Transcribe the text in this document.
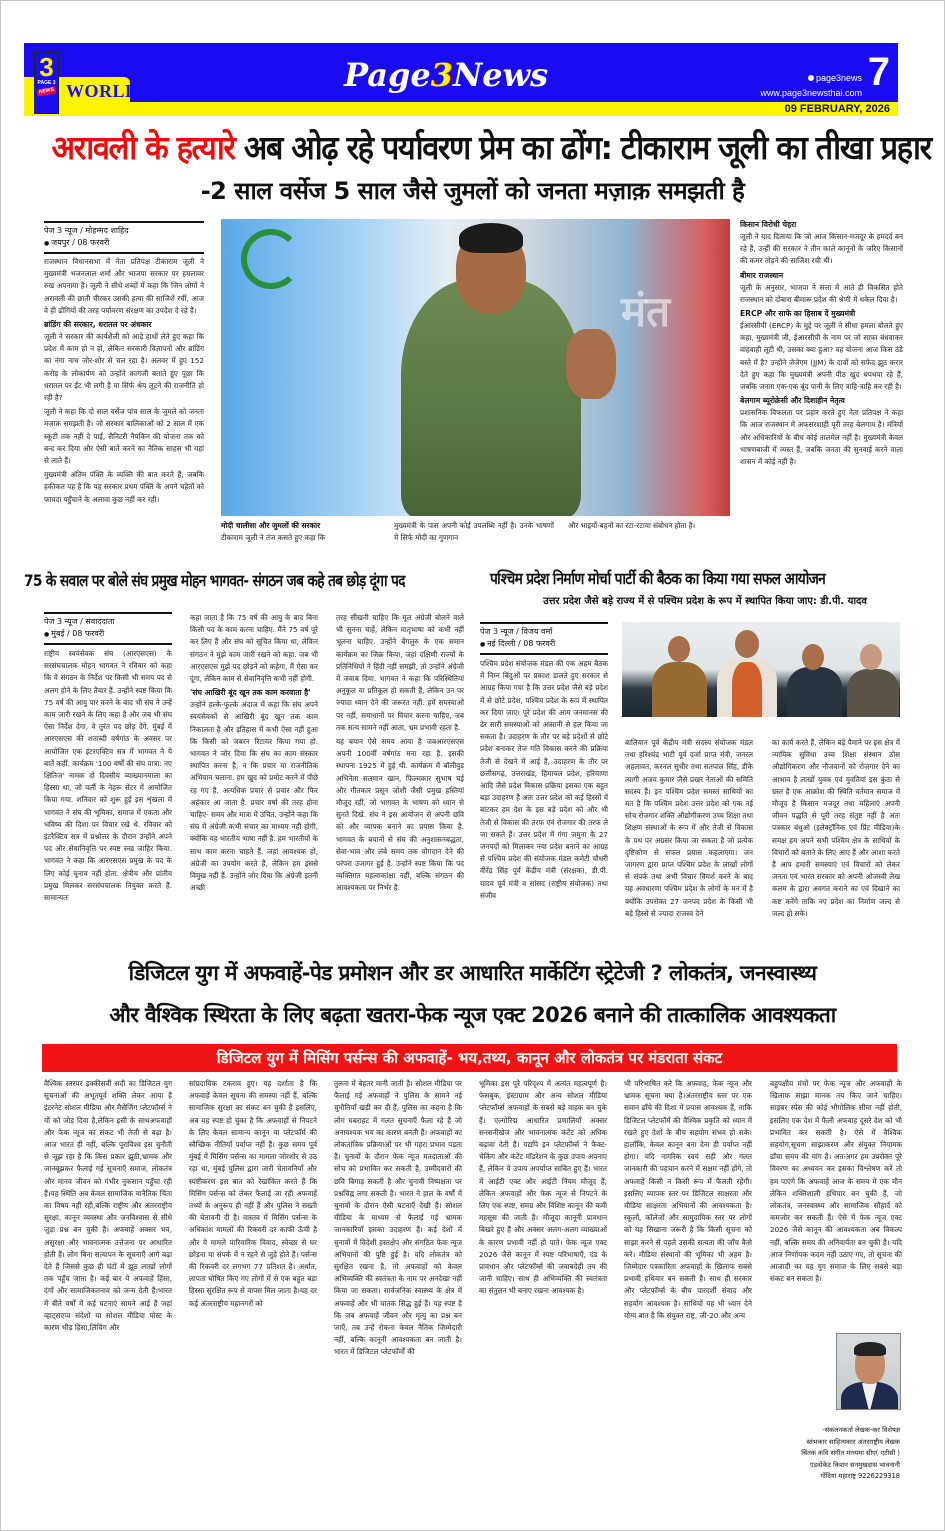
3
PAGE 3
NEWS WORLD	Page3News	page3news
www.page3newsthai.com 7
09 FEBRUARY, 2026
अरावली के हत्यारे अब ओढ़ रहे पर्यावरण प्रेम का ढोंग: टीकाराम जूली का तीखा प्रहार
-2 साल वर्सेज 5 साल जैसे जुमलों को जनता मज़ाक़ समझती है
पेज 3 न्यूज / मोहम्मद शाहिद
● जयपुर / 08 फरवरी

राजस्थान विधानसभा में नेता प्रतिपक्ष टीकाराम जूली ने मुख्यमंत्री भजनलाल शर्मा और भाजपा सरकार पर हमलावर रुख अपनाया है। जूली ने सीधे शब्दों में कहा कि जिन लोगों ने अरावली की छाती चीरकर उसकी हत्या की साजिशें रचीं, आज वे ही ढोंगियों की तरह पर्यावरण संरक्षण का उपदेश दे रहे हैं।

ब्रांडिंग की सरकार, धरातल पर अंधकार

जूली ने सरकार की कार्यशैली को आड़े हाथों लेते हुए कहा कि प्रदेश में काम हो न हो, लेकिन सरकारी विज्ञापनों और ब्रांडिंग का नंगा नाच जोर-शोर से चल रहा है। अलवर में हुए 152 करोड़ के लोकार्पण को उन्होंने कागजी बताते हुए पूछा कि धरातल पर ईंट भी लगी है या सिर्फ श्रेय लूटने की राजनीति हो रही है?

जूली ने कहा कि दो साल वर्सेज पांच साल के जुमले को जनता मज़ाक़ समझती है। जो सरकार बालिकाओं को 2 साल में एक स्कूटी तक नहीं दे पाई, सैनिटरी नैपकिन की योजना तक को बन्द कर दिया और ऐसी बातें करने का नैतिक साहस भी यहां से लाते हैं।

मुख्यमंत्री अंतिम पंक्ति के व्यक्ति की बात करते हैं, जबकि हकीकत यह है कि यह सरकार प्रथम पंक्ति के अपने चहेतों को फायदा पहुँचाने के अलावा कुछ नहीं कर रही।

मंत
किसान विरोधी चेहरा

जूली ने याद दिलाया कि जो आज किसान-मजदूर के हमदर्द बन रहे हैं, उन्हीं की सरकार ने तीन काले कानूनों के जरिए किसानों की कमर तोड़ने की साजिश रची थी।

बीमार राजस्थान

जूली के अनुसार, भाजपा ने सत्ता में आते ही विकसित होते राजस्थान को दोबारा बीमारू प्रदेश की श्रेणी में धकेल दिया है।

ERCP और साफे का हिसाब दें मुख्यमंत्री

ईआरसीपी (ERCP) के मुद्दे पर जूली ने सीधा हमला बोलते हुए कहा, मुख्यमंत्री जी, ईआरसीपी के नाम पर जो साफा बंधवाकर वाहवाही लूटी थी, उसका क्या हुआ? वह योजना आज किस ठंडे बस्ते में है? उन्होंने जेजेएम (JJM) के दावों को सफेद झूठ करार देते हुए कहा कि मुख्यमंत्री अपनी पीठ खुद थपथपा रहे हैं, जबकि जनता एक-एक बूंद पानी के लिए त्राहि-त्राहि कर रही है।

बेलगाम ब्यूरोक्रेसी और दिशाहीन नेतृत्व

प्रशासनिक विफलता पर प्रहार करते हुए नेता प्रतिपक्ष ने कहा कि आज राजस्थान में अफसरशाही पूरी तरह बेलगाम है। मंत्रियों और अधिकारियों के बीच कोई तालमेल नहीं है। मुख्यमंत्री केवल भाषणबाजी में व्यस्त हैं, जबकि जनता की सुनवाई करने वाला शासन में कोई नहीं है।

मोदी चालीसा और जुमलों की सरकार
टीकाराम जूली ने तंज कसते हुए कहा कि
मुख्यमंत्री के पास अपनी कोई उपलब्धि नहीं है। उनके भाषणों में सिर्फ मोदी का गुणगान
और भाइयों-बहनों का रटा-रटाया संबोधन होता है।
75 के सवाल पर बोले संघ प्रमुख मोहन भागवत- संगठन जब कहे तब छोड़ दूंगा पद
पेज 3 न्यूज / संवाददाता
● मुंबई / 08 फरवरी
राष्ट्रीय स्वयंसेवक संघ (आरएसएस) के सरसंघचालक मोहन भागवत ने रविवार को कहा कि वे संगठन के निर्देश पर किसी भी समय पद से अलग होने के लिए तैयार हैं. उन्होंने स्पष्ट किया कि 75 वर्ष की आयु पार करने के बाद भी संघ ने उन्हें काम जारी रखने के लिए कहा है और जब भी संघ ऐसा निर्देश देगा, वे तुरंत पद छोड़ देंगे. मुंबई में आरएसएस की शताब्दी वर्षगांठ के अवसर पर आयोजित एक इंटरएक्टिव सत्र में भागवत ने ये बातें कहीं. कार्यक्रम '100 वर्षों की संघ यात्रा: नए क्षितिज' नामक दो दिवसीय व्याख्यानमाला का हिस्सा था, जो वर्ली के नेहरू सेंटर में आयोजित किया गया. शनिवार को शुरू हुई इस शृंखला में भागवत ने संघ की भूमिका, समाज में एकता और भविष्य की दिशा पर विचार रखे थे. रविवार को इंटरैक्टिव सत्र में प्रश्नोत्तर के दौरान उन्होंने अपने पद और सेवानिवृत्ति पर स्पष्ट रुख जाहिर किया. भागवत ने कहा कि आरएसएस प्रमुख के पद के लिए कोई चुनाव नहीं होता. क्षेत्रीय और प्रांतीय प्रमुख मिलकर सरसंघचालक नियुक्त करते हैं. सामान्यतः

कहा जाता है कि 75 वर्ष की आयु के बाद बिना किसी पद के काम करना चाहिए. मैंने 75 वर्ष पूरे कर लिए हैं और संघ को सूचित किया था, लेकिन संगठन ने मुझे काम जारी रखने को कहा. जब भी आरएसएस मुझे पद छोड़ने को कहेगा, मैं ऐसा कर दूंगा, लेकिन काम से सेवानिवृत्ति कभी नहीं होगी.

'संघ आखिरी बूंद खून तक काम करवाता है'

उन्होंने हल्के-फुल्के अंदाज में कहा कि संघ अपने स्वयंसेवकों से आखिरी बूंद खून तक काम निकालता है और इतिहास में कभी ऐसा नहीं हुआ कि किसी को जबरन रिटायर किया गया हो. भागवत ने जोर दिया कि संघ का काम संस्कार स्थापित करना है, न कि प्रचार या राजनीतिक अभियान चलाना. हम खुद को प्रमोट करने में पीछे रह गए हैं. अत्यधिक प्रचार से प्रचार और फिर अहंकार आ जाता है. प्रचार वर्षा की तरह होना चाहिए- समय और मात्रा में उचित. उन्होंने कहा कि संघ में अंग्रेजी कभी संचार का माध्यम नहीं होगी, क्योंकि यह भारतीय भाषा नहीं है. हम भारतीयों के साथ काम करना चाहते हैं. जहां आवश्यक हो, अंग्रेजी का उपयोग करते हैं, लेकिन हम इससे विमुख नहीं हैं. उन्होंने जोर दिया कि अंग्रेजी इतनी अच्छी

तरह सीखनी चाहिए कि मूल अंग्रेजी बोलने वाले भी सुनना चाहें, लेकिन मातृभाषा को कभी नहीं भूलना चाहिए. उन्होंने बेंगलुरु के एक समान कार्यक्रम का जिक्र किया, जहां दक्षिणी राज्यों के प्रतिनिधियों ने हिंदी नहीं समझी, तो उन्होंने अंग्रेजी में जवाब दिया. भागवत ने कहा कि परिस्थितियां अनुकूल या प्रतिकूल हो सकती हैं, लेकिन उन पर ज्यादा ध्यान देने की जरूरत नहीं. हमें समस्याओं पर नहीं, समाधानों पर विचार करना चाहिए, जब तक सत्य सामने नहीं आता, भ्रम प्रभावी रहता है.

यह बयान ऐसे समय आया है जबआरएसएस अपनी 100वीं वर्षगांठ मना रहा है. इसकी स्थापना 1925 में हुई थी. कार्यक्रम में बॉलीवुड अभिनेता सलमान खान, फिल्मकार सुभाष घई और गीतकार प्रसून जोशी जैसी प्रमुख हस्तियां मौजूद रहीं, जो भागवत के भाषण को ध्यान से सुनते दिखे. संघ ने इस आयोजन से अपनी छवि को और व्यापक बनाने का प्रयास किया है. भागवत के बयानों से संघ की अनुशासनबद्धता, सेवा-भाव और लंबे समय तक योगदान देने की परंपरा उजागर हुई है. उन्होंने स्पष्ट किया कि पद व्यक्तिगत महत्वाकांक्षा नहीं, बल्कि संगठन की आवश्यकता पर निर्भर है.

पश्चिम प्रदेश निर्माण मोर्चा पार्टी की बैठक का किया गया सफल आयोजन
उत्तर प्रदेश जैसे बड़े राज्य में से पश्चिम प्रदेश के रूप में स्थापित किया जाए: डी.पी. यादव
पेज 3 न्यूज / विजय वर्मा
● नई दिल्ली / 08 फरवरी
पश्चिम प्रदेश संयोजक मंडल की एक अहम बैठक में निम्न बिंदुओं पर प्रकाश डालते हुए सरकार से आग्रह किया गया है कि उत्तर प्रदेश जैसे बड़े प्रदेश में से छोटे प्रदेश, पश्चिम प्रदेश के रूप में स्थापित कर दिया जाए। पूरे प्रदेश की आम जनमानस की ढेर सारी समस्याओं को आसानी से हल किया जा सकता है। उदाहरण के तौर पर बड़े प्रदेशों से छोटे प्रदेश बनाकर तेज गति विकास करने की प्रक्रिया तेजी से देखने में आई है, उदाहरण के तौर पर छत्तीसगढ़, उत्तराखंड, हिमाचल प्रदेश, हरियाणा आदि जैसे प्रदेश विकास प्रक्रिया इसका एक बहुत बड़ा उदाहरण है अतः उत्तर प्रदेश को कई हिस्सों में बांटकर हम देश के इस बड़े प्रदेश को और भी तेजी से विकास की तरफ एवं रोजगार की तरफ ले जा सकते हैं। उत्तर प्रदेश में गंगा जमुना के 27 जनपदों को मिलाकर नया प्रदेश बनाने का आग्रह से पश्चिम प्रदेश की संयोजक मंडल कमेटी चौधरी वीरेंद्र सिंह पूर्व केंद्रीय मंत्री (संरक्षक), डी.पी. यादव पूर्व मंत्री व सांसद (राष्ट्रीय संयोजक) तथा संजीव
बालियान पूर्व केंद्रीय मंत्री सदस्य संयोजक मंडल तथा हरिश्चंद्र भाटी पूर्व दर्जा प्राप्त मंत्री, जनरल अहलावत, करनल सुधीर तथा सतपाल सिंह, डीके त्यागी अजय कुमार जैसे प्रखर नेताओं की समिति सदस्य हैं। इन पश्चिम प्रदेश समस्त साथियों का मत है कि पश्चिम प्रदेश उत्तर प्रदेश को एक नई सोच रोजगार शक्ति औद्योगीकरण उच्च शिक्षा तथा शिक्षण संस्थाओं के रूप में और तेजी से विकास के पथ पर अग्रसर किया जा सकता है जो प्रत्येक दृष्टिकोण से सफल प्रयास कहलाएगा। जन जागरण द्वारा प्राप्त पश्चिम प्रदेश के लाखों लोगों से संपर्क तथा अभी विचार विमर्श करने के बाद यह अवधारणा पश्चिम प्रदेश के लोगों के मन में है क्योंकि उपरोक्त 27 जनपद प्रदेश के किसी भी बड़े हिस्से से ज्यादा राजस्व देने
का कार्य करते हैं, लेकिन बड़े पैमाने पर इस क्षेत्र में न्यायिक सुविधा उच्च शिक्षा संस्थान ठोस औद्योगिकरण और नौजवानों को रोजगार देने का आभाव है लाखों युवक एवं युवतियां इस कुंठा से ग्रस्त है एक आक्रोश की स्थिति वर्तमान समाज में मौजूद है किसान मजदूर तथा महिलाएं अपनी जीवन पद्धति से पूरी तरह संतुष्ट नहीं है अतः पत्रकार बंधुओ (इलेक्ट्रॉनिक एवं प्रिंट मीडिया)के समक्ष हम अपने सभी पश्चिम क्षेत्र के साथियों के विचारों को बताने के लिए आए हैं और आशा करते हैं आप हमारी समस्याएं एवं विचारों को लेकर जनता एवं भारत सरकार को अपनी ओजस्वी लेख कलम के द्वारा अवगत कराने का एवं दिखाने का कष्ट करेंगे ताकि नए प्रदेश का निर्माण जल्द से जल्द हो सके।
डिजिटल युग में अफवाहें-पेड प्रमोशन और डर आधारित मार्केटिंग स्ट्रेटेजी ? लोकतंत्र, जनस्वास्थ्य
और वैश्विक स्थिरता के लिए बढ़ता खतरा-फेक न्यूज एक्ट 2026 बनाने की तात्कालिक आवश्यकता
डिजिटल युग में मिसिंग पर्सन्स की अफवाहें- भय,तथ्य, कानून और लोकतंत्र पर मंडराता संकट
वैश्विक स्तरपर इक्कीसवीं सदी का डिजिटल युग सूचनाओं की अभूतपूर्व शक्ति लेकर आया है इंटरनेट सोशल मीडिया और मैसेजिंग प्लेटफॉर्म्स ने यों को जोड़ दिया है,लेकिन इसी के साथअफवाहों और फेक न्यूज का संकट भी तेजी से बढ़ा है। आज भारत ही नहीं, बल्कि पूराविश्व इस चुनौती से जूझ रहा है कि किस प्रकार झूठी,भ्रामक और जानबूझकर फैलाई गई सूचनाएँ समाज, लोकतंत्र और मानव जीवन को गंभीर नुकसान पहुँचा रही हैं।यह स्थिति अब केवल सामाजिक यानैतिक चिंता का विषय नहीं रही,बल्कि राष्ट्रीय और अंतरराष्ट्रीय सुरक्षा, कानून व्यवस्था और जनविश्वास से सीधे जुड़ा प्रश्न बन चुकी है। अफवाहें अक्सर भय, असुरक्षा और भावनात्मक उत्तेजना पर आधारित होती हैं। लोग बिना सत्यापन के सूचनाएँ आगे बढ़ा देते हैं जिससे कुछ ही घंटों में झूठ लाखों लोगों तक पहुँच जाता है। कई बार ये अफवाहें हिंसा, दंगों और सामाजिकतनाव को जन्म देती हैं।भारत में बीते वर्षों में कई घटनाएं सामने आई हैं जहां व्हाट्सएप्प संदेशों या सोशल मीडिया पोस्ट के कारण भीड़ हिंसा,लिंचिंग और
सांप्रदायिक टकराव हुए। यह दर्शाता है कि अफवाहें केवल सूचना की समस्या नहीं हैं, बल्कि सामाजिक सुरक्षा का संकट बन चुकी हैं इसलिए, अब यह स्पष्ट हो चुका है कि अफवाहों से निपटने के लिए केवल सामान्य कानून या प्लेटफॉर्म की स्वैच्छिक नीतियाँ पर्याप्त नहीं हैं। कुछ समय पूर्व मुंबई में मिसिंग पर्सन्स का मामला जोरशोर से उठ रहा था, मुंबई पुलिस द्वारा जारी चेतावनियाँ और स्पष्टीकरण इस बात को रेखांकित करते हैं कि मिसिंग पर्सन्स को लेकर फैलाई जा रही अफवाहें तथ्यों के अनुरूप ही नहीं हैं और पुलिस ने सख्ती की चेतावनी दी है। वास्तव में मिसिंग पर्सन्स के अधिकांश मामलों की रिकवरी दर काफी ऊँची है और ये मामले पारिवारिक विवाद, स्वेच्छा से घर छोड़ना या संपर्क में न रहने से जुड़े होते हैं। पर्सन्स की रिकवरी दर लगभग 77 प्रतिशत है। अर्थात, लापता घोषित किए गए लोगों में से एक बहुत बड़ा हिस्सा सुरक्षित रूप से वापस मिल जाता है।यह दर कई अंतरराष्ट्रीय महानगरों को
तुलना में बेहतर मानी जाती है। सोशल मीडिया पर फैलाई गई अफवाहों ने पुलिस के सामने नई चुनौतियाँ खड़ी कर दी हैं, पुलिस का कहना है कि लोग घबराहट में गलत सूचनाएँ फैला रहे हैं जो अनावश्यक भय का कारण बनती हैं। अफवाहों का लोकतांत्रिक प्रक्रियाओं पर भी गहरा प्रभाव पड़ता है। चुनावों के दौरान फेक न्यूज मतदाताओं की सोच को प्रभावित कर सकती है, उम्मीदवारों की छवि बिगाड़ सकती है और चुनावी निष्पक्षता पर प्रश्नचिह्न लगा सकती है। भारत ने हाल के वर्षों में चुनावों के दौरान ऐसी घटनाएँ देखी हैं। सोशल मीडिया के माध्यम से फैलाई गई भ्रामक जानकारियाँ इसका उदाहरण हैं। कई देशों में चुनावों में विदेशी हस्तक्षेप और संगठित फेक न्यूज अभियानों की पुष्टि हुई है। यदि लोकतंत्र को सुरक्षित रखना है, तो अफवाहों को केवल अभिव्यक्ति की स्वतंत्रता के नाम पर अनदेखा नहीं किया जा सकता। सार्वजनिक स्वास्थ्य के क्षेत्र में अफवाहें और भी घातक सिद्ध हुई हैं। यह स्पष्ट है कि जब अफवाहें जीवन और मृत्यु का प्रश्न बन जाएँ, तब उन्हें रोकना केवल नैतिक जिम्मेदारी नहीं, बल्कि कानूनी आवश्यकता बन जाती है।भारत में डिजिटल प्लेटफॉर्मों की
भूमिका इस पूरे परिदृश्य में अत्यंत महत्वपूर्ण है। फेसबुक, इंस्टाग्राम और अन्य सोशल मीडिया प्लेटफॉर्म्स अफवाहों के सबसे बड़े वाहक बन चुके हैं। एल्गोरिद्म आधारित प्रणालियाँ अक्सर सनसनीखेज और भावनात्मक कंटेंट को अधिक बढ़ावा देती हैं। यद्यपि इन प्लेटफॉर्म्स ने फैक्ट-चेकिंग और कंटेंट मॉडरेशन के कुछ उपाय अपनाए हैं, लेकिन ये उपाय अपर्याप्त साबित हुए हैं। भारत में आईटी एक्ट और आईटी नियम मौजूद हैं, लेकिन अफवाहों और फेक न्यूज से निपटने के लिए एक स्पष्ट, समग्र और विशिष्ट कानून की कमी महसूस की जाती है। मौजूदा कानूनी प्रावधान बिखरे हुए हैं और अक्सर अलग-अलग व्याख्याओं के कारण प्रभावी नहीं हो पाते। फेक न्यूज एक्ट 2026 जैसे कानून में स्पष्ट परिभाषाएँ, दंड के प्रावधान और प्लेटफॉर्म्स की जवाबदेही तय की जानी चाहिए। साथ ही अभिव्यक्ति की स्वतंत्रता का संतुलन भी बनाए रखना आवश्यक है।
भी परिभाषित करे कि अफवाह, फेक न्यूज और भ्रामक सूचना क्या है।अंतरराष्ट्रीय स्तर पर एक समान ढाँचे की दिशा में प्रयास आवश्यक हैं, ताकि डिजिटल प्लेटफॉर्म की वैश्विक प्रकृति को ध्यान में रखते हुए देशों के बीच सहयोग संभव हो सके।हालाँकि, केवल कानून बना देना ही पर्याप्त नहीं होगा। यदि नागरिक स्वयं सही और गलत जानकारी की पहचान करने में सक्षम नहीं होंगे, तो अफवाहें किसी न किसी रूप में फैलती रहेंगी। इसलिए व्यापक स्तर पर डिजिटल साक्षरता और मीडिया साक्षरता अभियानों की आवश्यकता है। स्कूलों, कॉलेजों और सामुदायिक स्तर पर लोगों को यह सिखाना जरूरी है कि किसी सूचना को साझा करने से पहले उसकी सत्यता की जाँच कैसे करें। मीडिया संस्थानों की भूमिका भी अहम है। जिम्मेदार पत्रकारिता अफवाहों के खिलाफ सबसे प्रभावी हथियार बन सकती है। साथ ही सरकार और प्लेटफॉर्म्स के बीच पारदर्शी संवाद और सहयोग आवश्यक है। साथियों यह भी ध्यान देने योग्य बात है कि संयुक्त राष्ट्र, जी-20 और अन्य
बहुपक्षीय मंचों पर फेक न्यूज और अफवाहों के खिलाफ साझा मानक तय किए जाने चाहिए। साइबर स्पेस की कोई भौगोलिक सीमा नहीं होती, इसलिए एक देश में फैली अफवाह दूसरे देश को भी प्रभावित कर सकती है। ऐसे में वैश्विक सहयोग,सूचना साझाकरण और संयुक्त नियामक ढाँचा समय की मांग है। अतःअगर हम उपरोक्त पूरे विवरण का अध्ययन कर इसका विश्लेषण करें तो हम पाएंगे कि अफवाहें आज के समय में एक मौन लेकिन शक्तिशाली हथियार बन चुकी हैं, जो लोकतंत्र, जनस्वास्थ्य और सामाजिक सौहार्द को कमजोर कर सकती हैं। ऐसे में फेक न्यूज एक्ट 2026 जैसे कानून की आवश्यकता अब विकल्प नहीं, बल्कि समय की अनिवार्यता बन चुकी है। यदि आज निर्णायक कदम नहीं उठाए गए, तो सूचना की आजादी का यह युग समाज के लिए सबसे बड़ा संकट बन सकता है।
-संकलनकर्ता लेखक-कर विशेषज्ञ
स्तंभकार साहित्यकार अंतरराष्ट्रीय लेखक
चिंतक कवि संगीत माध्यमा सीए( एटीसी )
एडवोकेट किशन सनमुखदास भावनानी
गोंदिया महाराष्ट्र 9226229318
